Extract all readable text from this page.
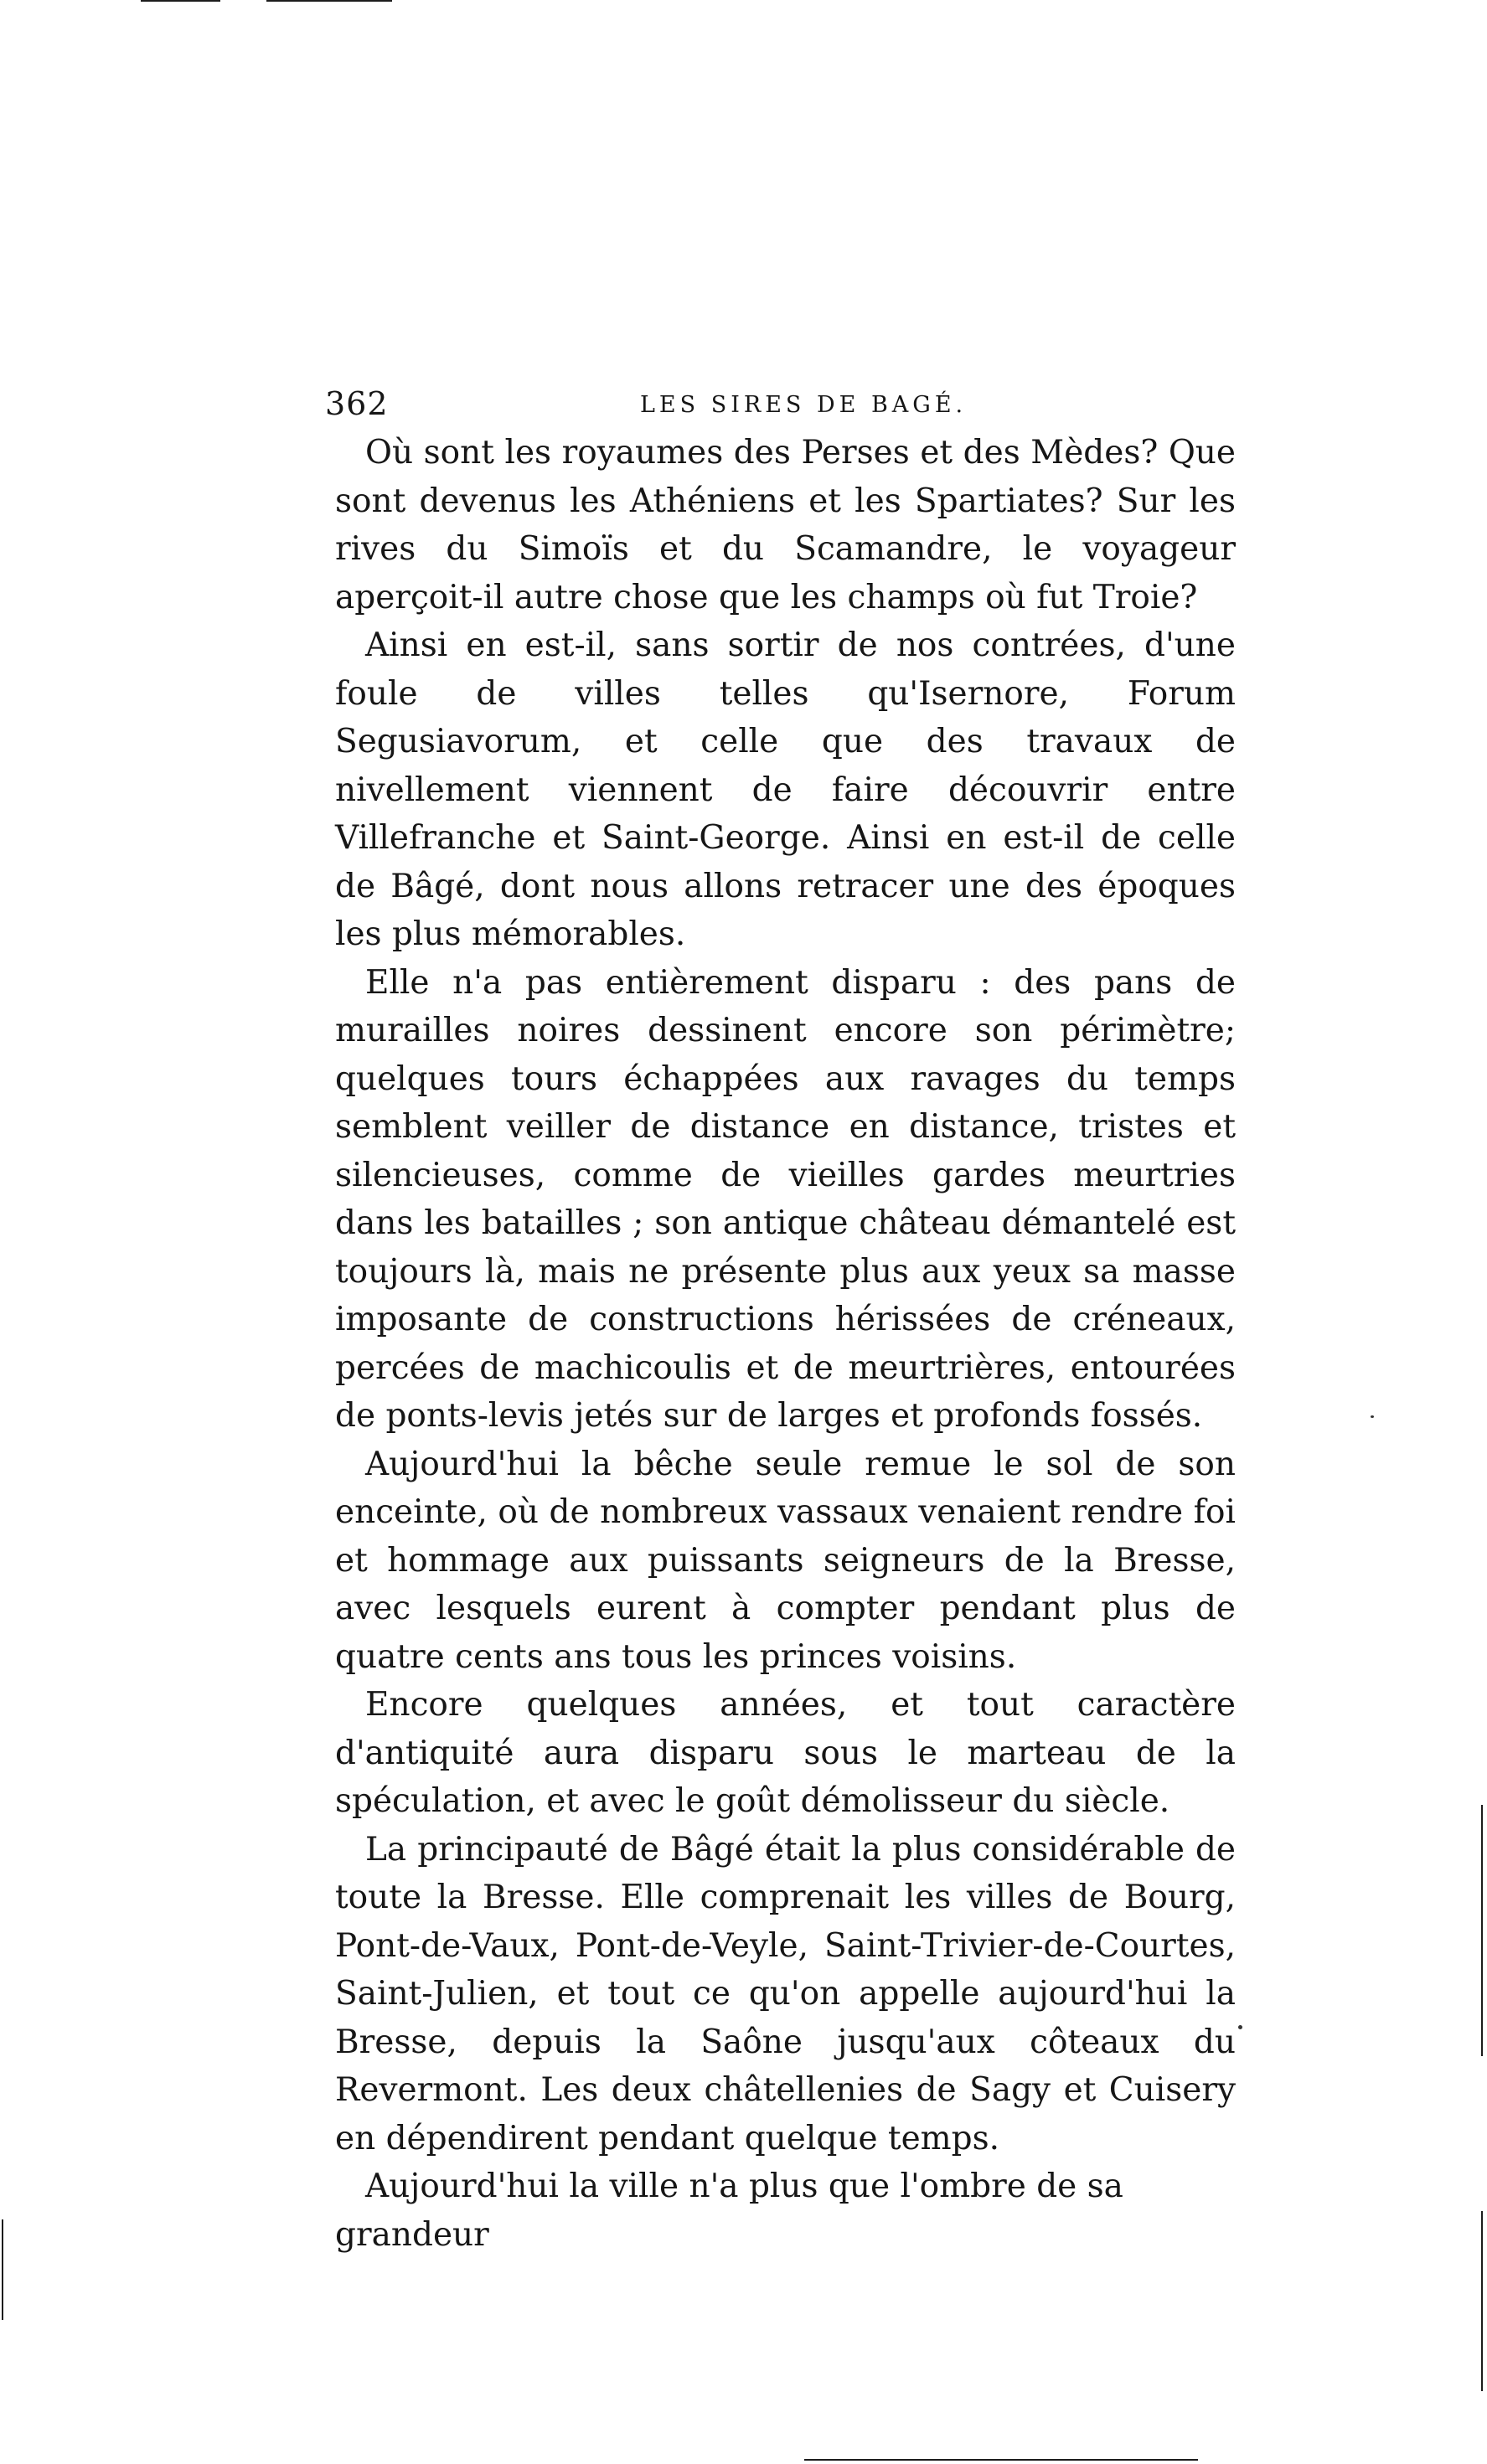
362	LES SIRES DE BAGÉ.

Où sont les royaumes des Perses et des Mèdes? Que sont devenus les Athéniens et les Spartiates? Sur les rives du Simoïs et du Scamandre, le voyageur aperçoit-il autre chose que les champs où fut Troie?

Ainsi en est-il, sans sortir de nos contrées, d'une foule de villes telles qu'Isernore, Forum Segusiavorum, et celle que des travaux de nivellement viennent de faire découvrir entre Villefranche et Saint-George. Ainsi en est-il de celle de Bâgé, dont nous allons retracer une des époques les plus mémorables.

Elle n'a pas entièrement disparu : des pans de murailles noires dessinent encore son périmètre; quelques tours échappées aux ravages du temps semblent veiller de distance en distance, tristes et silencieuses, comme de vieilles gardes meurtries dans les batailles ; son antique château démantelé est toujours là, mais ne présente plus aux yeux sa masse imposante de constructions hérissées de créneaux, percées de machicoulis et de meurtrières, entourées de ponts-levis jetés sur de larges et profonds fossés.

Aujourd'hui la bêche seule remue le sol de son enceinte, où de nombreux vassaux venaient rendre foi et hommage aux puissants seigneurs de la Bresse, avec lesquels eurent à compter pendant plus de quatre cents ans tous les princes voisins.

Encore quelques années, et tout caractère d'antiquité aura disparu sous le marteau de la spéculation, et avec le goût démolisseur du siècle.

La principauté de Bâgé était la plus considérable de toute la Bresse. Elle comprenait les villes de Bourg, Pont-de-Vaux, Pont-de-Veyle, Saint-Trivier-de-Courtes, Saint-Julien, et tout ce qu'on appelle aujourd'hui la Bresse, depuis la Saône jusqu'aux côteaux du Revermont. Les deux châtellenies de Sagy et Cuisery en dépendirent pendant quelque temps.

Aujourd'hui la ville n'a plus que l'ombre de sa grandeur
